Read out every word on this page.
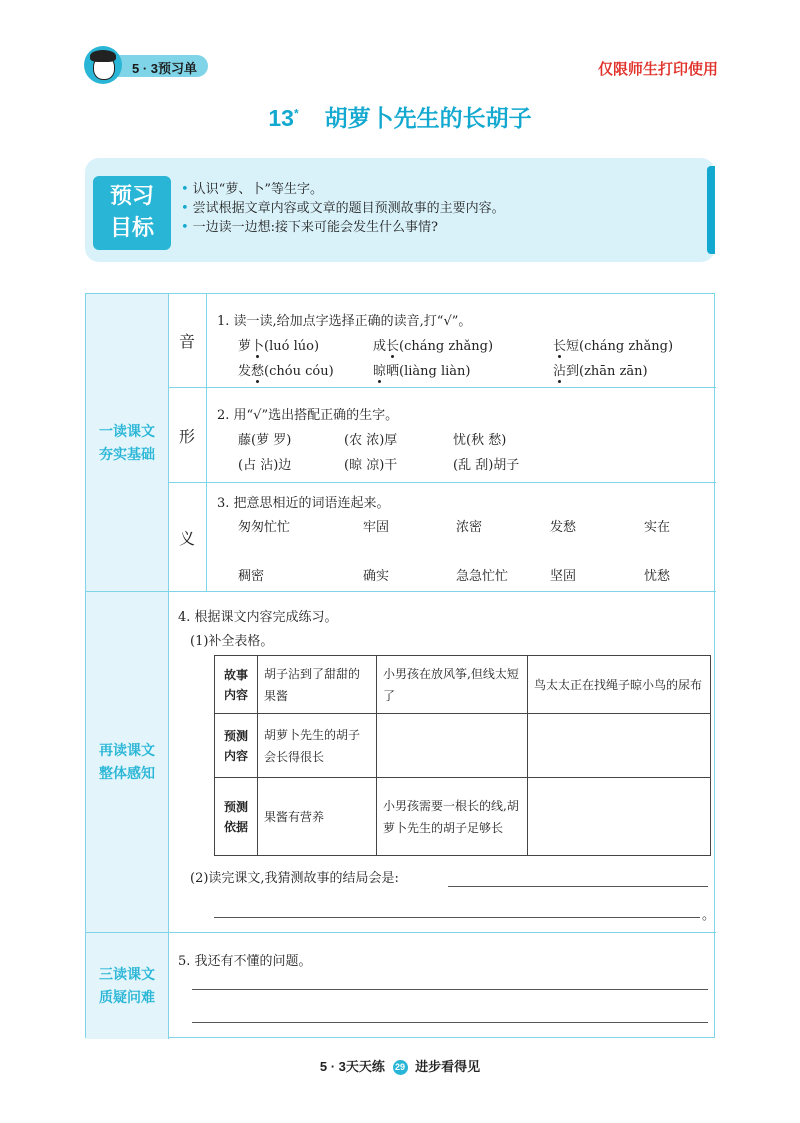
5 · 3预习单	仅限师生打印使用
13* 胡萝卜先生的长胡子
预习
目标
• 认识“萝、卜”等生字。
• 尝试根据文章内容或文章的题目预测故事的主要内容。
• 一边读一边想:接下来可能会发生什么事情?
一读课文
夯实基础
音
形
义
1. 读一读,给加点字选择正确的读音,打“√”。
萝卜(luó lúo)	成长(cháng zhǎng)	长短(cháng zhǎng)
发愁(chóu cóu)	晾晒(liàng liàn)	沾到(zhān zān)
2. 用“√”选出搭配正确的生字。
藤(萝 罗)	(农 浓)厚	忧(秋 愁)
(占 沾)边	(晾 凉)干	(乱 刮)胡子
3. 把意思相近的词语连起来。
匆匆忙忙	牢固	浓密	发愁	实在
稠密	确实	急急忙忙	坚固	忧愁
再读课文
整体感知
4. 根据课文内容完成练习。
(1)补全表格。
故事
内容	胡子沾到了甜甜的果酱	小男孩在放风筝,但线太短了	鸟太太正在找绳子晾小鸟的尿布
预测
内容	胡萝卜先生的胡子会长得很长		
预测
依据	果酱有营养	小男孩需要一根长的线,胡萝卜先生的胡子足够长	
(2)读完课文,我猜测故事的结局会是:
。
三读课文
质疑问难
5. 我还有不懂的问题。
5 · 3天天练 29 进步看得见
